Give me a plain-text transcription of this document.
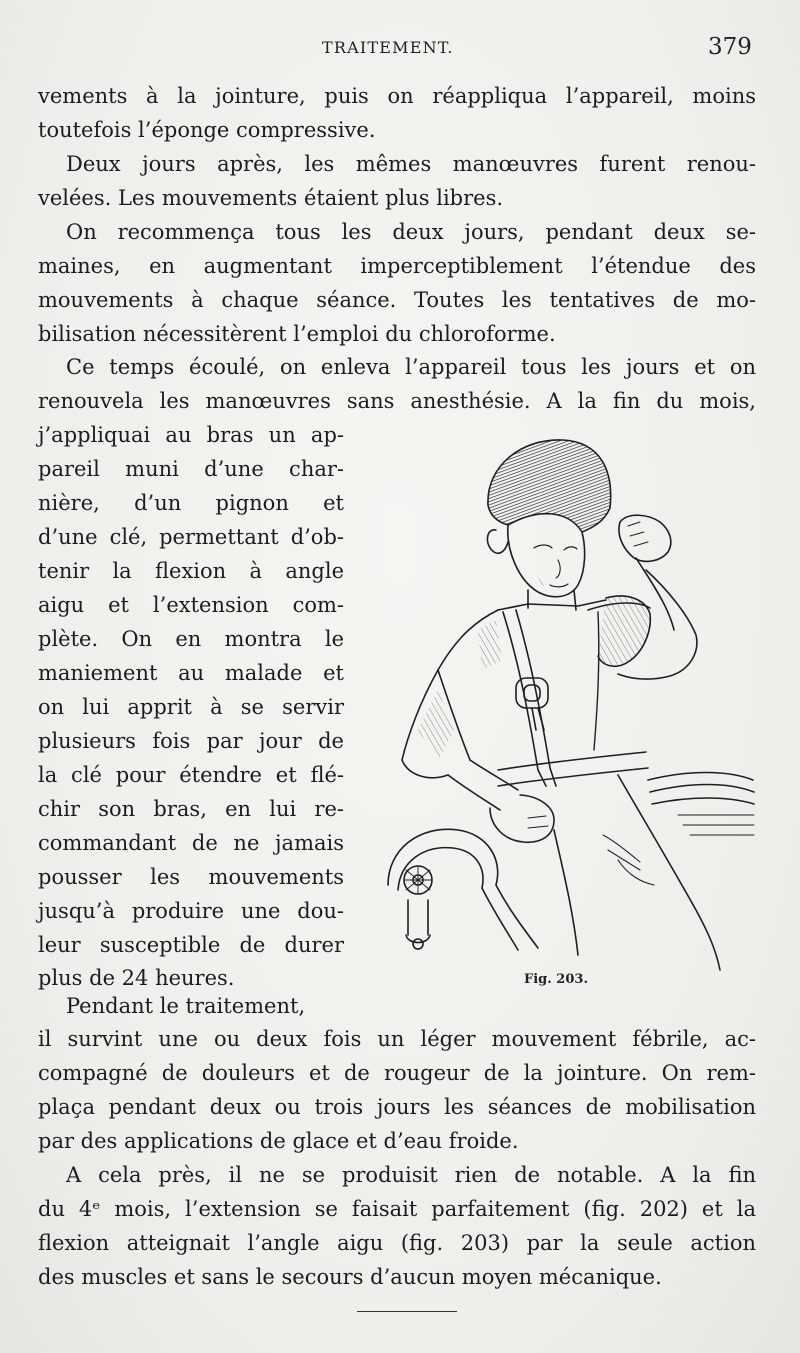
TRAITEMENT.	379
vements à la jointure, puis on réappliqua l’appareil, moins
toutefois l’éponge compressive.
Deux jours après, les mêmes manœuvres furent renou-
velées. Les mouvements étaient plus libres.
On recommença tous les deux jours, pendant deux se-
maines, en augmentant imperceptiblement l’étendue des
mouvements à chaque séance. Toutes les tentatives de mo-
bilisation nécessitèrent l’emploi du chloroforme.
Ce temps écoulé, on enleva l’appareil tous les jours et on
renouvela les manœuvres sans anesthésie. A la fin du mois,
j’appliquai au bras un ap-
pareil muni d’une char-
nière, d’un pignon et
d’une clé, permettant d’ob-
tenir la flexion à angle
aigu et l’extension com-
plète. On en montra le
maniement au malade et
on lui apprit à se servir
plusieurs fois par jour de
la clé pour étendre et flé-
chir son bras, en lui re-
commandant de ne jamais
pousser les mouvements
jusqu’à produire une dou-
leur susceptible de durer
plus de 24 heures.
Pendant le traitement,
il survint une ou deux fois un léger mouvement fébrile, ac-
compagné de douleurs et de rougeur de la jointure. On rem-
plaça pendant deux ou trois jours les séances de mobilisation
par des applications de glace et d’eau froide.
A cela près, il ne se produisit rien de notable. A la fin
du 4ᵉ mois, l’extension se faisait parfaitement (fig. 202) et la
flexion atteignait l’angle aigu (fig. 203) par la seule action
des muscles et sans le secours d’aucun moyen mécanique.
Fig. 203.
